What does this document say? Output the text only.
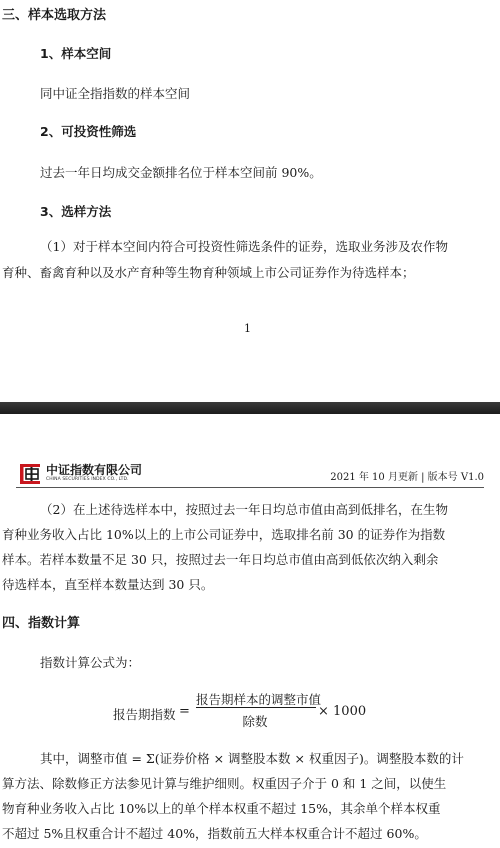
三、样本选取方法
1、样本空间
同中证全指指数的样本空间
2、可投资性筛选
过去一年日均成交金额排名位于样本空间前 90%。
3、选样方法
（1）对于样本空间内符合可投资性筛选条件的证券，选取业务涉及农作物
育种、畜禽育种以及水产育种等生物育种领域上市公司证券作为待选样本；
1
中证指数有限公司
CHINA SECURITIES INDEX CO., LTD.	2021 年 10 月更新 | 版本号 V1.0
（2）在上述待选样本中，按照过去一年日均总市值由高到低排名，在生物
育种业务收入占比 10%以上的上市公司证券中，选取排名前 30 的证券作为指数
样本。若样本数量不足 30 只，按照过去一年日均总市值由高到低依次纳入剩余
待选样本，直至样本数量达到 30 只。
四、指数计算
指数计算公式为：
报告期指数 =
报告期样本的调整市值
除数
× 1000
其中，调整市值 = Σ(证券价格 × 调整股本数 × 权重因子)。调整股本数的计
算方法、除数修正方法参见计算与维护细则。权重因子介于 0 和 1 之间，以使生
物育种业务收入占比 10%以上的单个样本权重不超过 15%，其余单个样本权重
不超过 5%且权重合计不超过 40%，指数前五大样本权重合计不超过 60%。
